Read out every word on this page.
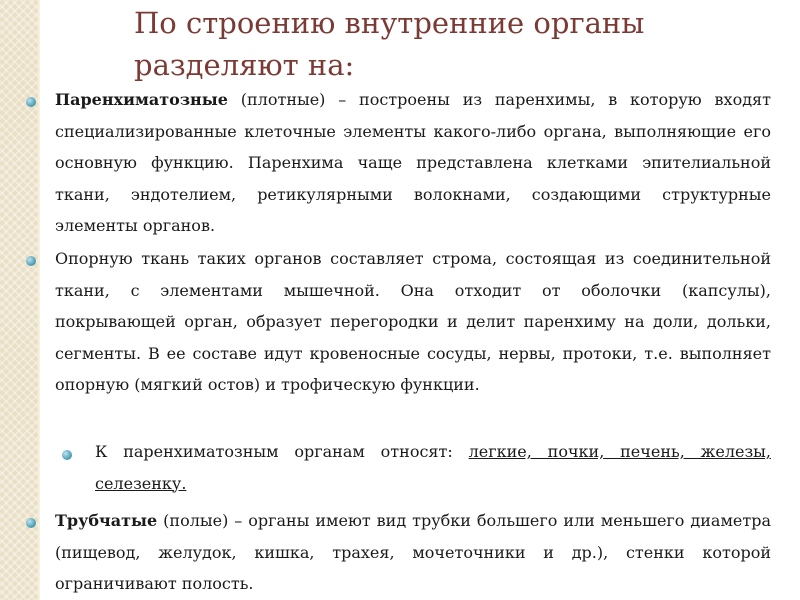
По строению внутренние органы разделяют на:

Паренхиматозные (плотные) – построены из паренхимы, в которую входят специализированные клеточные элементы какого-либо органа, выполняющие его основную функцию. Паренхима чаще представлена клетками эпителиальной ткани, эндотелием, ретикулярными волокнами, создающими структурные элементы органов.

Опорную ткань таких органов составляет строма, состоящая из соединительной ткани, с элементами мышечной. Она отходит от оболочки (капсулы), покрывающей орган, образует перегородки и делит паренхиму на доли, дольки, сегменты. В ее составе идут кровеносные сосуды, нервы, протоки, т.е. выполняет опорную (мягкий остов) и трофическую функции.

К паренхиматозным органам относят: легкие, почки, печень, железы, селезенку.

Трубчатые (полые) – органы имеют вид трубки большего или меньшего диаметра (пищевод, желудок, кишка, трахея, мочеточники и др.), стенки которой ограничивают полость.
